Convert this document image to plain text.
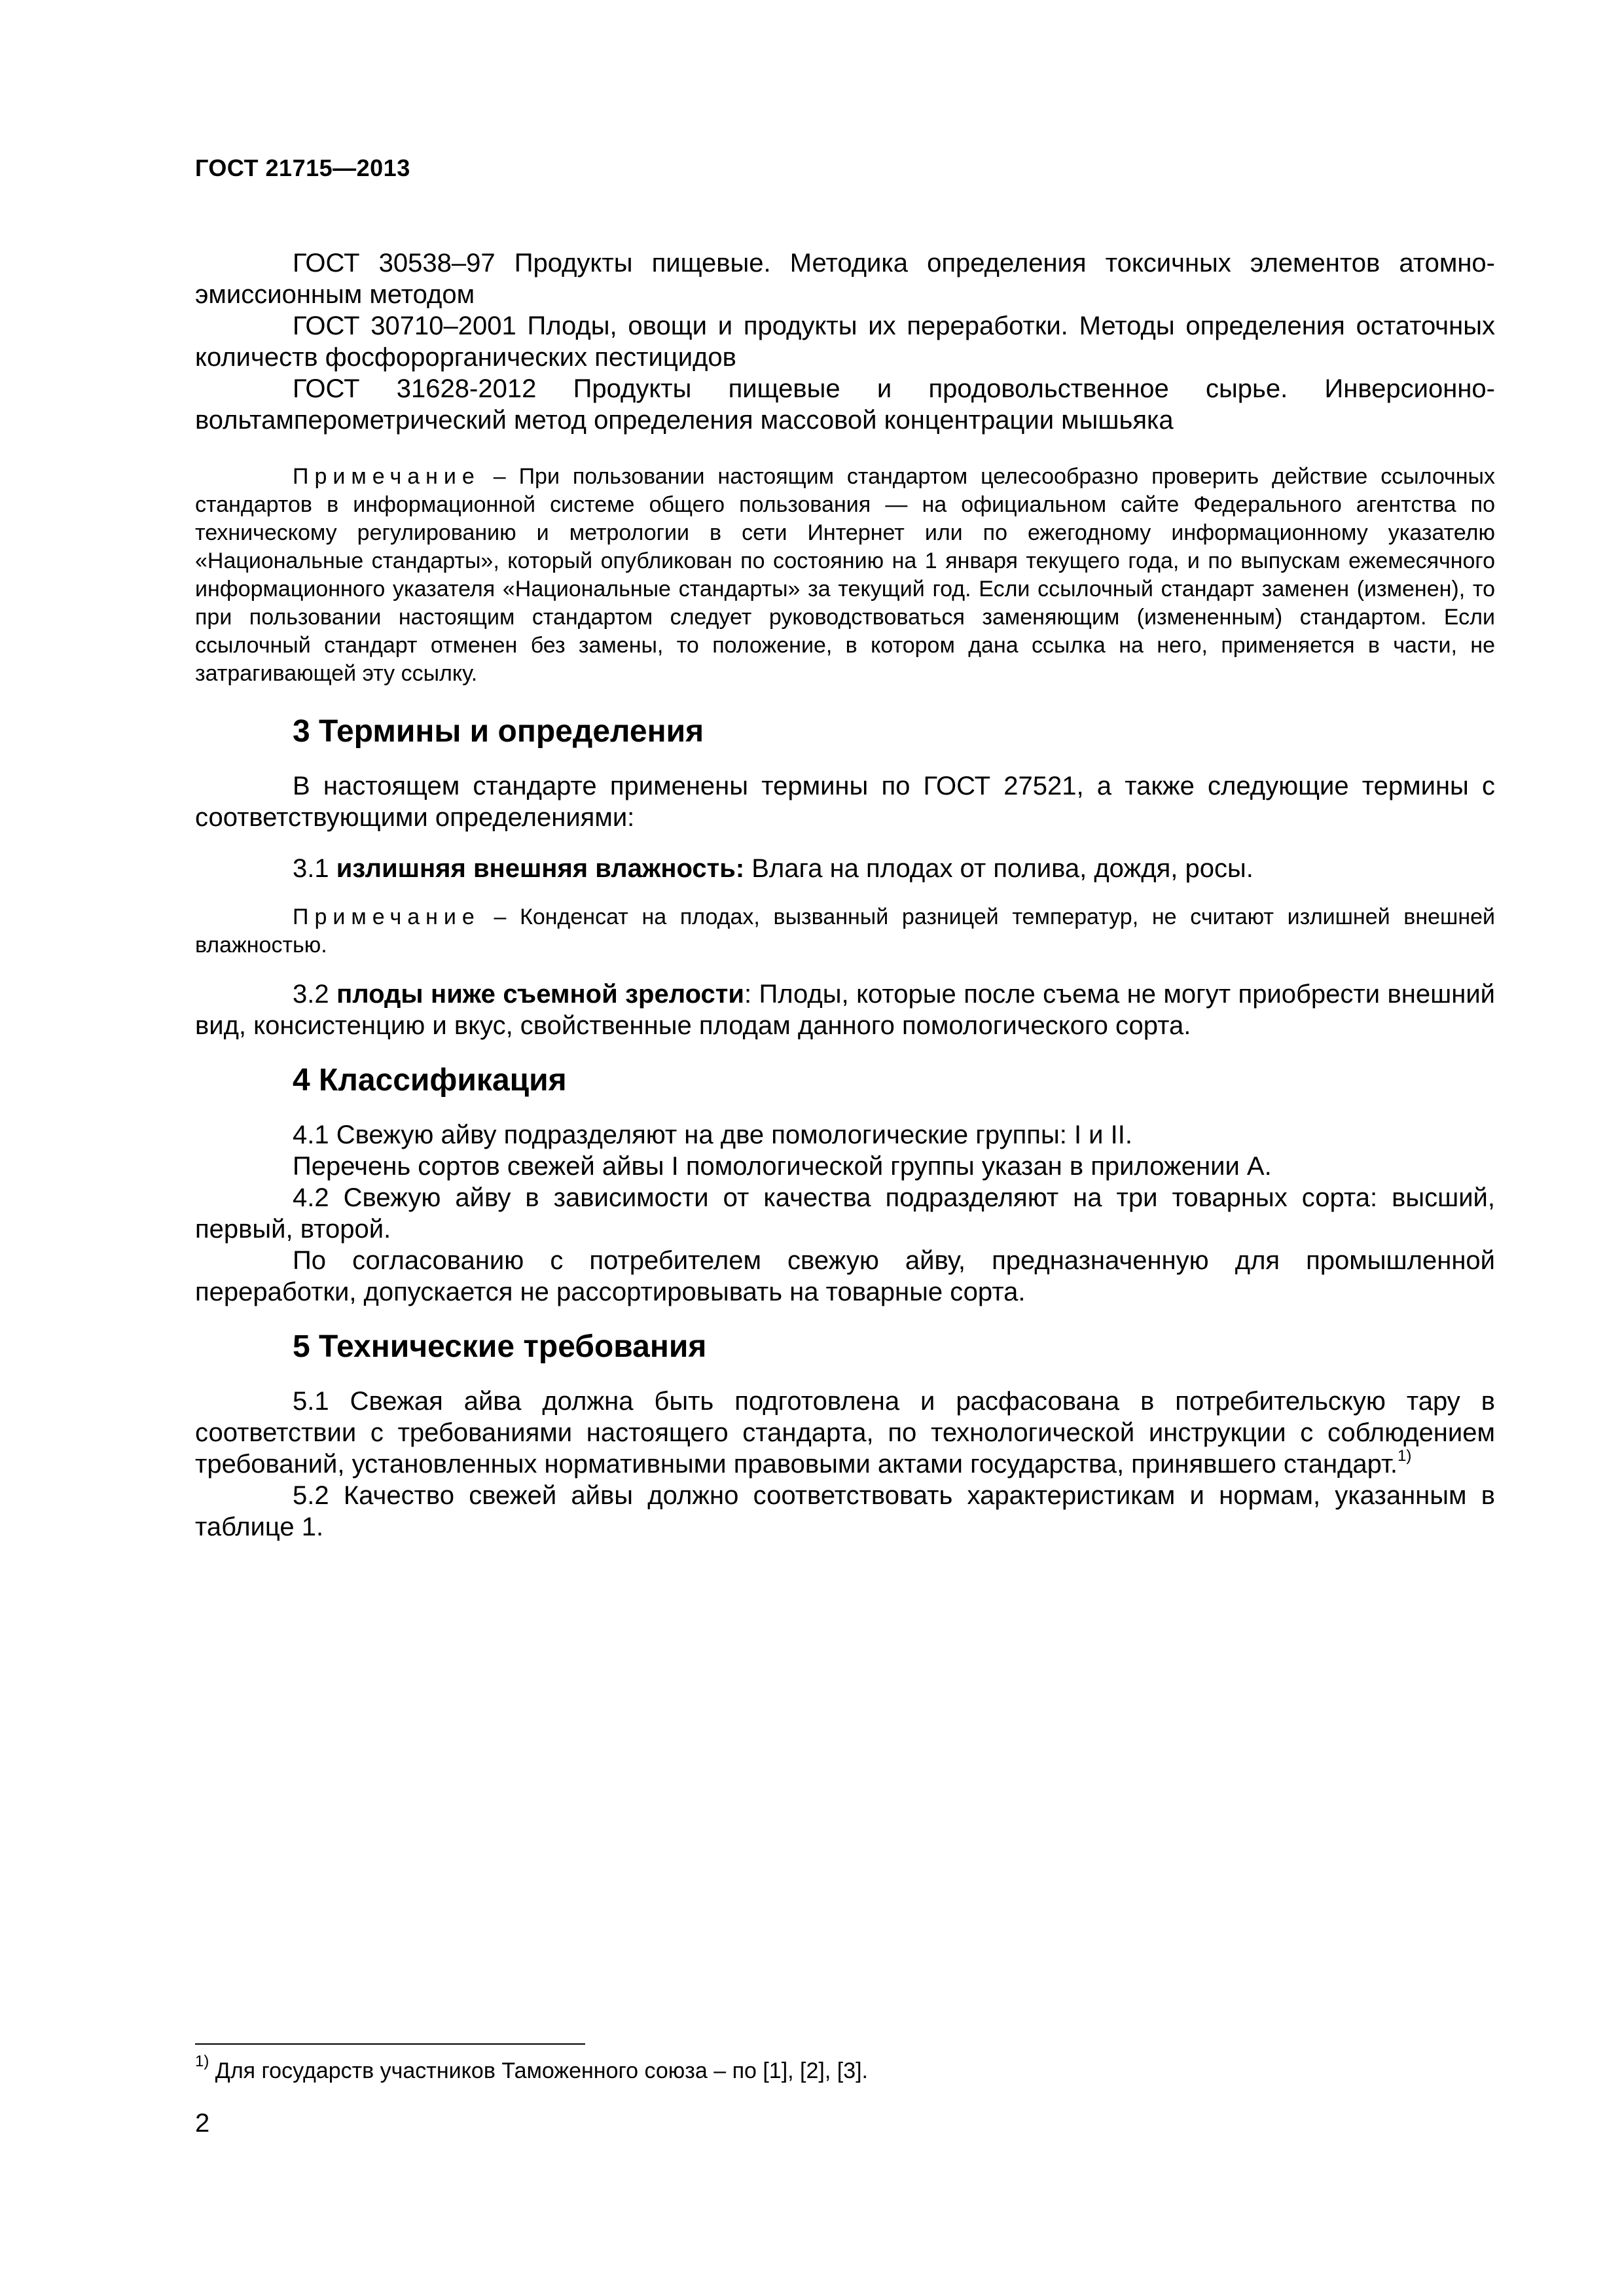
ГОСТ 21715—2013

ГОСТ 30538–97 Продукты пищевые. Методика определения токсичных элементов атомно-эмиссионным методом

ГОСТ 30710–2001 Плоды, овощи и продукты их переработки. Методы определения остаточных количеств фосфорорганических пестицидов

ГОСТ 31628-2012 Продукты пищевые и продовольственное сырье. Инверсионно-вольтамперометрический метод определения массовой концентрации мышьяка

Примечание – При пользовании настоящим стандартом целесообразно проверить действие ссылочных стандартов в информационной системе общего пользования — на официальном сайте Федерального агентства по техническому регулированию и метрологии в сети Интернет или по ежегодному информационному указателю «Национальные стандарты», который опубликован по состоянию на 1 января текущего года, и по выпускам ежемесячного информационного указателя «Национальные стандарты» за текущий год. Если ссылочный стандарт заменен (изменен), то при пользовании настоящим стандартом следует руководствоваться заменяющим (измененным) стандартом. Если ссылочный стандарт отменен без замены, то положение, в котором дана ссылка на него, применяется в части, не затрагивающей эту ссылку.

3 Термины и определения

В настоящем стандарте применены термины по ГОСТ 27521, а также следующие термины с соответствующими определениями:

3.1 излишняя внешняя влажность: Влага на плодах от полива, дождя, росы.

Примечание – Конденсат на плодах, вызванный разницей температур, не считают излишней внешней влажностью.

3.2 плоды ниже съемной зрелости: Плоды, которые после съема не могут приобрести внешний вид, консистенцию и вкус, свойственные плодам данного помологического сорта.

4 Классификация

4.1 Свежую айву подразделяют на две помологические группы: I и II.

Перечень сортов свежей айвы I помологической группы указан в приложении А.

4.2 Свежую айву в зависимости от качества подразделяют на три товарных сорта: высший, первый, второй.

По согласованию с потребителем свежую айву, предназначенную для промышленной переработки, допускается не рассортировывать на товарные сорта.

5 Технические требования

5.1 Свежая айва должна быть подготовлена и расфасована в потребительскую тару в соответствии с требованиями настоящего стандарта, по технологической инструкции с соблюдением требований, установленных нормативными правовыми актами государства, принявшего стандарт.$^{1)}$

5.2 Качество свежей айвы должно соответствовать характеристикам и нормам, указанным в таблице 1.

$^{1)}$ Для государств участников Таможенного союза – по [1], [2], [3].
2
